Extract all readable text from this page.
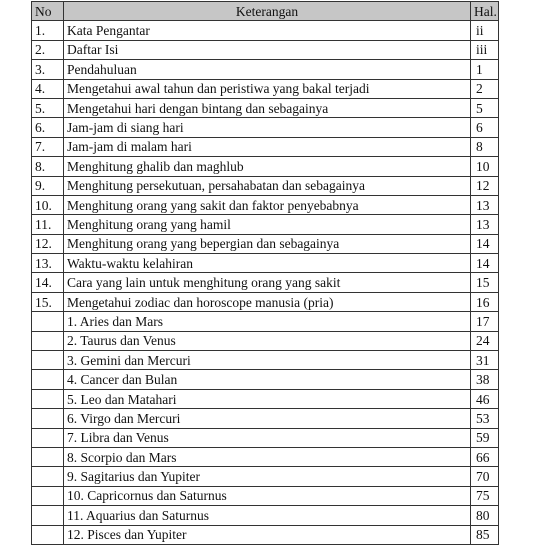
No	Keterangan	Hal.
1.	Kata Pengantar	ii
2.	Daftar Isi	iii
3.	Pendahuluan	1
4.	Mengetahui awal tahun dan peristiwa yang bakal terjadi	2
5.	Mengetahui hari dengan bintang dan sebagainya	5
6.	Jam-jam di siang hari	6
7.	Jam-jam di malam hari	8
8.	Menghitung ghalib dan maghlub	10
9.	Menghitung persekutuan, persahabatan dan sebagainya	12
10.	Menghitung orang yang sakit dan faktor penyebabnya	13
11.	Menghitung orang yang hamil	13
12.	Menghitung orang yang bepergian dan sebagainya	14
13.	Waktu-waktu kelahiran	14
14.	Cara yang lain untuk menghitung orang yang sakit	15
15.	Mengetahui zodiac dan horoscope manusia (pria)	16
	1. Aries dan Mars	17
	2. Taurus dan Venus	24
	3. Gemini dan Mercuri	31
	4. Cancer dan Bulan	38
	5. Leo dan Matahari	46
	6. Virgo dan Mercuri	53
	7. Libra dan Venus	59
	8. Scorpio dan Mars	66
	9. Sagitarius dan Yupiter	70
	10. Capricornus dan Saturnus	75
	11. Aquarius dan Saturnus	80
	12. Pisces dan Yupiter	85
